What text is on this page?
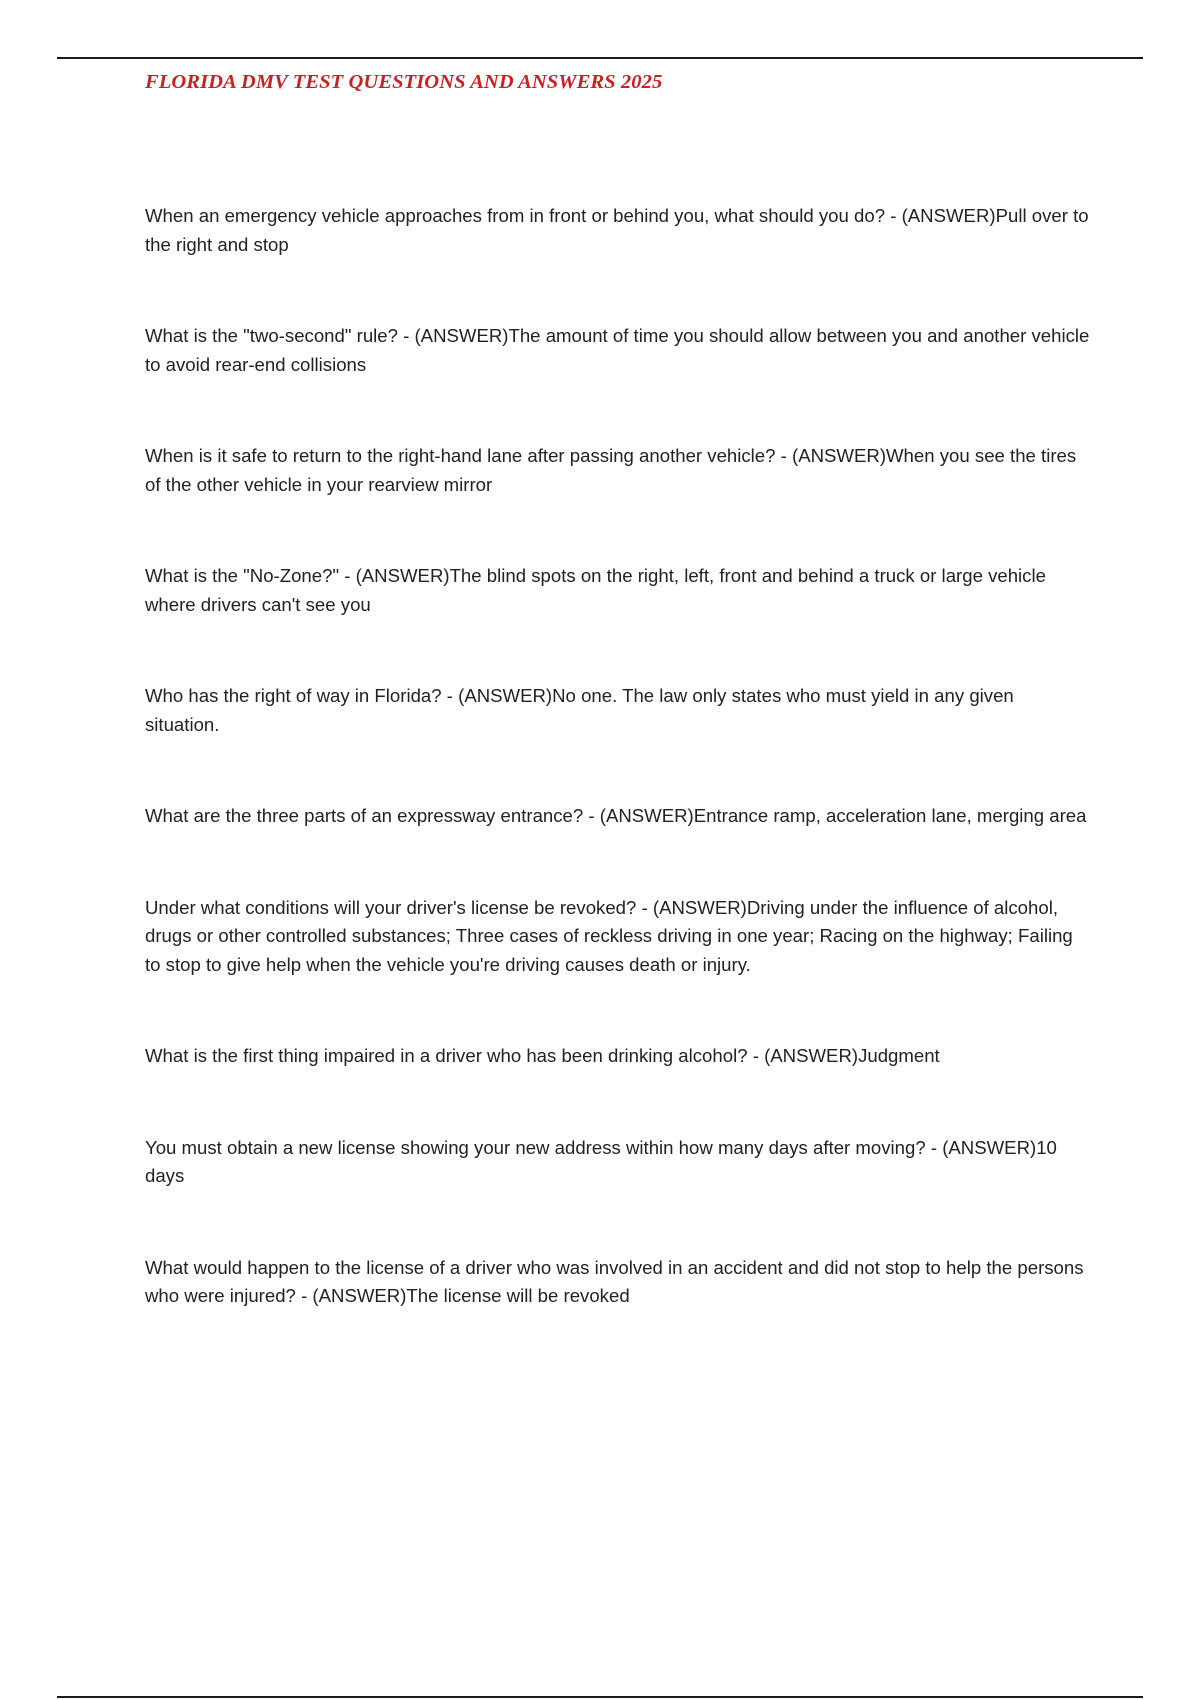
FLORIDA DMV TEST QUESTIONS AND ANSWERS 2025
When an emergency vehicle approaches from in front or behind you, what should you do? - (ANSWER)Pull over to the right and stop
What is the "two-second" rule? - (ANSWER)The amount of time you should allow between you and another vehicle to avoid rear-end collisions
When is it safe to return to the right-hand lane after passing another vehicle? - (ANSWER)When you see the tires of the other vehicle in your rearview mirror
What is the "No-Zone?" - (ANSWER)The blind spots on the right, left, front and behind a truck or large vehicle where drivers can't see you
Who has the right of way in Florida? - (ANSWER)No one. The law only states who must yield in any given situation.
What are the three parts of an expressway entrance? - (ANSWER)Entrance ramp, acceleration lane, merging area
Under what conditions will your driver's license be revoked? - (ANSWER)Driving under the influence of alcohol, drugs or other controlled substances; Three cases of reckless driving in one year; Racing on the highway; Failing to stop to give help when the vehicle you're driving causes death or injury.
What is the first thing impaired in a driver who has been drinking alcohol? - (ANSWER)Judgment
You must obtain a new license showing your new address within how many days after moving? - (ANSWER)10 days
What would happen to the license of a driver who was involved in an accident and did not stop to help the persons who were injured? - (ANSWER)The license will be revoked
